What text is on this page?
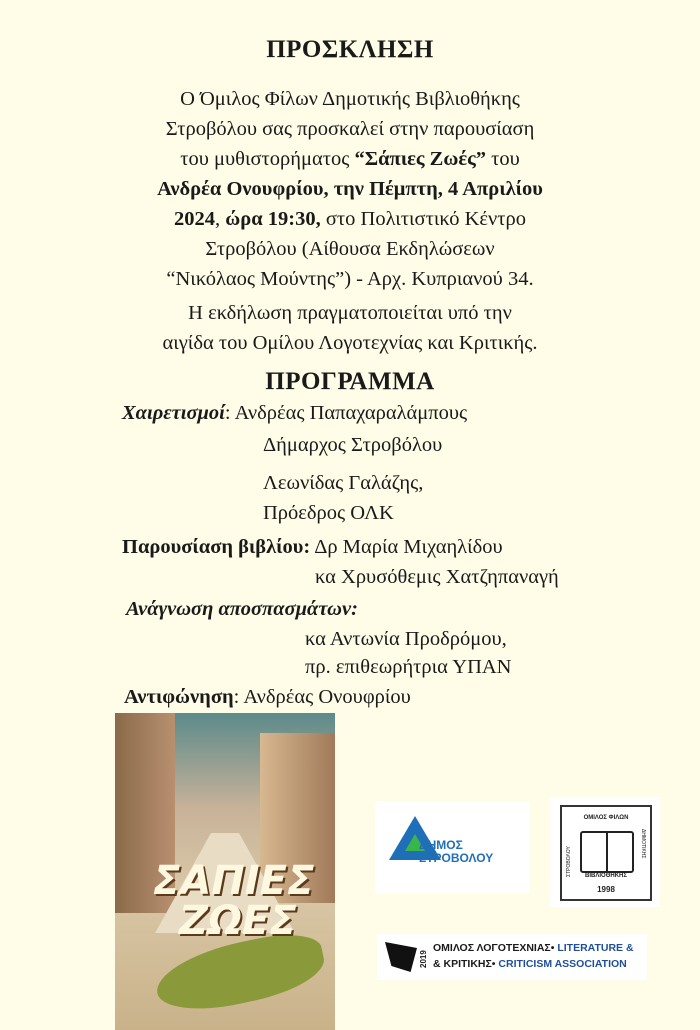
ΠΡΟΣΚΛΗΣΗ
Ο Όμιλος Φίλων Δημοτικής Βιβλιοθήκης
Στροβόλου σας προσκαλεί στην παρουσίαση
του μυθιστορήματος “Σάπιες Ζωές” του
Ανδρέα Ονουφρίου, την Πέμπτη, 4 Απριλίου
2024, ώρα 19:30, στο Πολιτιστικό Κέντρο
Στροβόλου (Αίθουσα Εκδηλώσεων
“Νικόλαος Μούντης”) - Αρχ. Κυπριανού 34.
Η εκδήλωση πραγματοποιείται υπό την
αιγίδα του Ομίλου Λογοτεχνίας και Κριτικής.
ΠΡΟΓΡΑΜΜΑ
Χαιρετισμοί: Ανδρέας Παπαχαραλάμπους
Δήμαρχος Στροβόλου
Λεωνίδας Γαλάζης,
Πρόεδρος ΟΛΚ
Παρουσίαση βιβλίου: Δρ Μαρία Μιχαηλίδου
κα Χρυσόθεμις Χατζηπαναγή
Ανάγνωση αποσπασμάτων:
κα Αντωνία Προδρόμου,
πρ. επιθεωρήτρια ΥΠΑΝ
Αντιφώνηση: Ανδρέας Ονουφρίου
ΣΑΠΙΕΣ
ΖΩΕΣ
ΔΗΜΟΣ
ΣΤΡΟΒΟΛΟΥ
ΟΜΙΛΟΣ ΦΙΛΩΝ
ΣΤΡΟΒΟΛΟΥ
ΔΗΜΟΤΙΚΗΣ
ΒΙΒΛΙΟΘΗΚΗΣ
1998
2019
ΟΜΙΛΟΣ ΛΟΓΟΤΕΧΝΙΑΣ• LITERATURE &
& ΚΡΙΤΙΚΗΣ• CRITICISM ASSOCIATION
